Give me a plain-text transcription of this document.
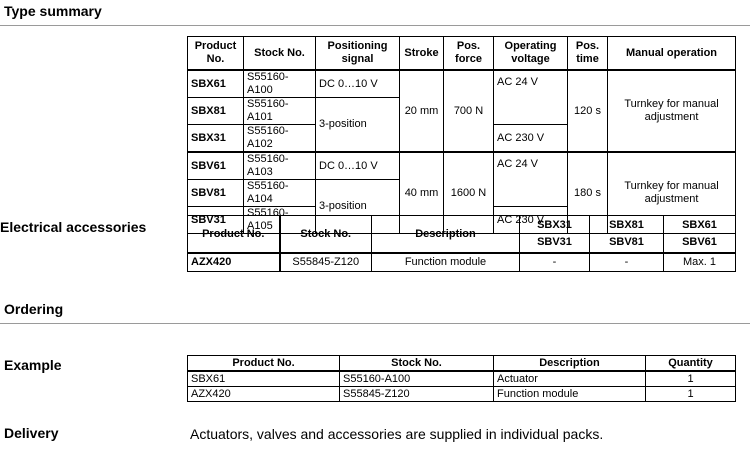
Type summary
Electrical accessories
Ordering
Example
Delivery	Actuators, valves and accessories are supplied in individual packs.
Product No.	Stock No.	Positioning signal	Stroke	Pos. force	Operating voltage	Pos. time	Manual operation
SBX61	S55160-A100	DC 0…10 V	20 mm	700 N	AC 24 V	120 s	Turnkey for manual adjustment
SBX81	S55160-A101	3-position					
SBX31	S55160-A102				AC 230 V		
SBV61	S55160-A103	DC 0…10 V	40 mm	1600 N	AC 24 V	180 s	Turnkey for manual adjustment
SBV81	S55160-A104	3-position					
SBV31	S55160-A105				AC 230 V		
Product No.	Stock No.	Description	SBX31 SBV31	SBX81 SBV81	SBX61 SBV61
AZX420	S55845-Z120	Function module	-	-	Max. 1
Product No.	Stock No.	Description	Quantity
SBX61	S55160-A100	Actuator	1
AZX420	S55845-Z120	Function module	1
